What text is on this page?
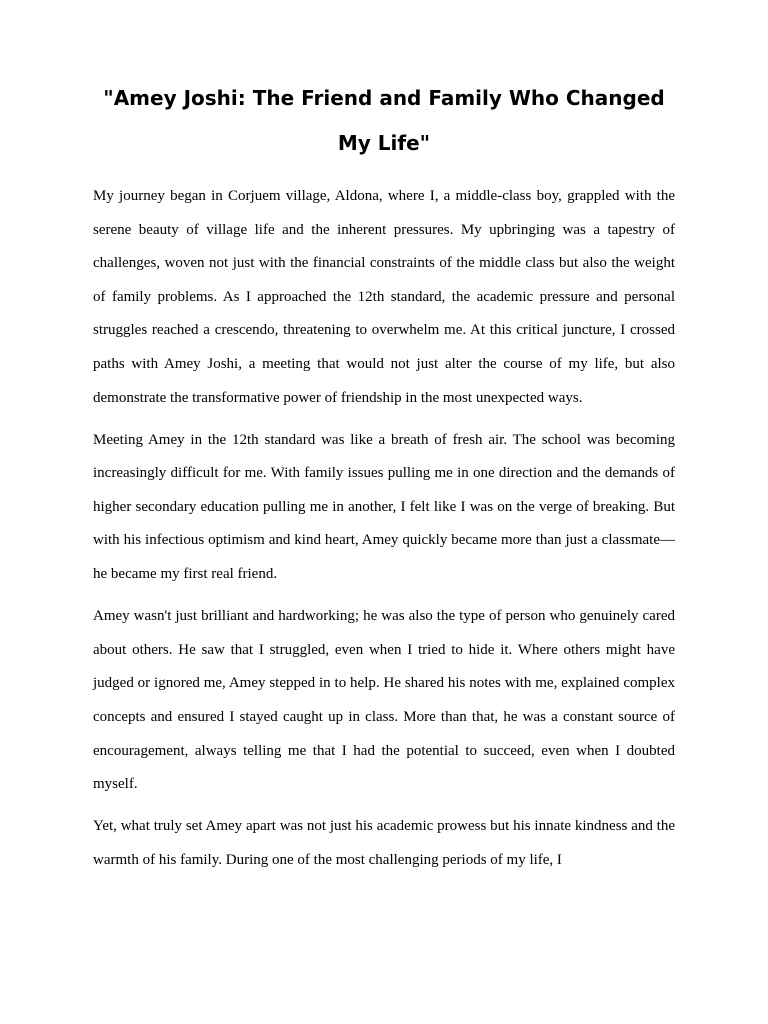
"Amey Joshi: The Friend and Family Who Changed My Life"

My journey began in Corjuem village, Aldona, where I, a middle-class boy, grappled with the serene beauty of village life and the inherent pressures. My upbringing was a tapestry of challenges, woven not just with the financial constraints of the middle class but also the weight of family problems. As I approached the 12th standard, the academic pressure and personal struggles reached a crescendo, threatening to overwhelm me. At this critical juncture, I crossed paths with Amey Joshi, a meeting that would not just alter the course of my life, but also demonstrate the transformative power of friendship in the most unexpected ways.

Meeting Amey in the 12th standard was like a breath of fresh air. The school was becoming increasingly difficult for me. With family issues pulling me in one direction and the demands of higher secondary education pulling me in another, I felt like I was on the verge of breaking. But with his infectious optimism and kind heart, Amey quickly became more than just a classmate—he became my first real friend.

Amey wasn't just brilliant and hardworking; he was also the type of person who genuinely cared about others. He saw that I struggled, even when I tried to hide it. Where others might have judged or ignored me, Amey stepped in to help. He shared his notes with me, explained complex concepts and ensured I stayed caught up in class. More than that, he was a constant source of encouragement, always telling me that I had the potential to succeed, even when I doubted myself.

Yet, what truly set Amey apart was not just his academic prowess but his innate kindness and the warmth of his family. During one of the most challenging periods of my life, I
